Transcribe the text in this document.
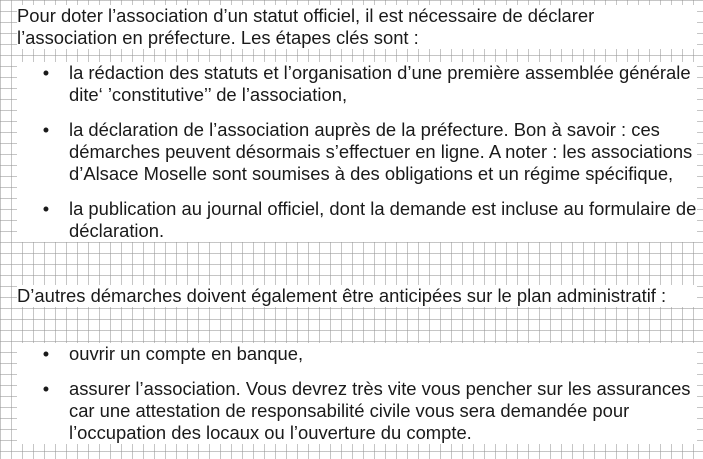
Pour doter l’association d’un statut officiel, il est nécessaire de déclarer l’association en préfecture. Les étapes clés sont :

• la rédaction des statuts et l’organisation d’une première assemblée générale dite‘ ’constitutive’’ de l’association,
• la déclaration de l’association auprès de la préfecture. Bon à savoir : ces démarches peuvent désormais s’effectuer en ligne. A noter : les associations d’Alsace Moselle sont soumises à des obligations et un régime spécifique,
• la publication au journal officiel, dont la demande est incluse au formulaire de déclaration.

D’autres démarches doivent également être anticipées sur le plan administratif :

• ouvrir un compte en banque,
• assurer l’association. Vous devrez très vite vous pencher sur les assurances car une attestation de responsabilité civile vous sera demandée pour l’occupation des locaux ou l’ouverture du compte.
